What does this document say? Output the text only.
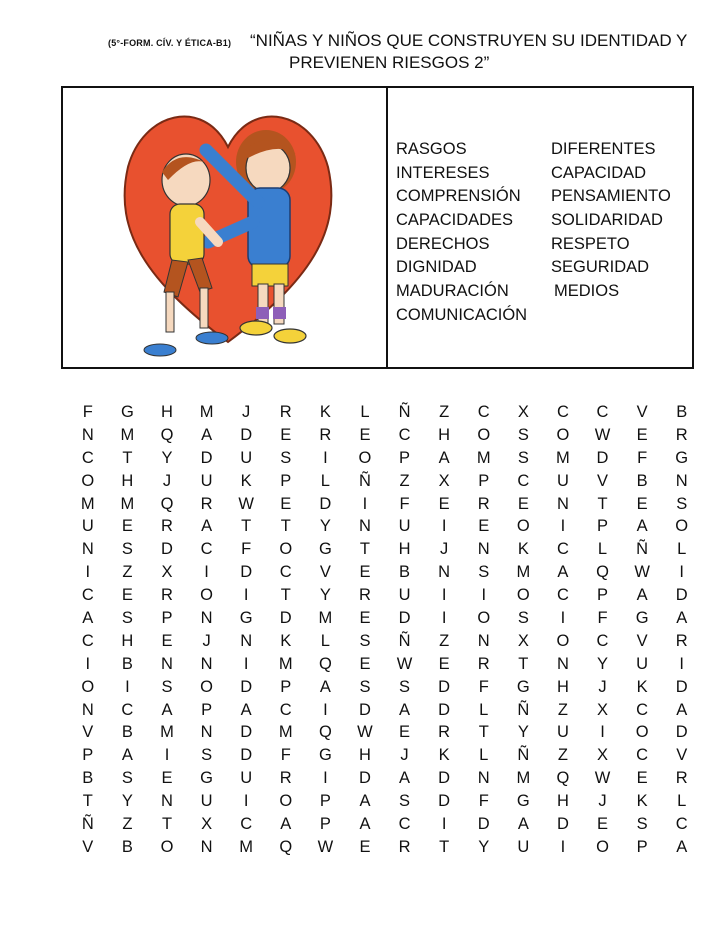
(5°-FORM. CÍV. Y ÉTICA-B1) “NIÑAS Y NIÑOS QUE CONSTRUYEN SU IDENTIDAD Y
PREVIENEN RIESGOS 2”
RASGOS	DIFERENTES
INTERESES	CAPACIDAD
COMPRENSIÓN PENSAMIENTO
CAPACIDADES SOLIDARIDAD
DERECHOS	RESPETO
DIGNIDAD	SEGURIDAD
MADURACIÓN	MEDIOS
COMUNICACIÓN
F	G	H	M	J	R	K	L	Ñ	Z	C	X	C	C	V	B
N	M	Q	A	D	E	R	E	C	H	O	S	O	W	E	R
C	T	Y	D	U	S	I	O	P	A	M	S	M	D	F	G
O	H	J	U	K	P	L	Ñ	Z	X	P	C	U	V	B	N
M	M	Q	R	W	E	D	I	F	E	R	E	N	T	E	S
U	E	R	A	T	T	Y	N	U	I	E	O	I	P	A	O
N	S	D	C	F	O	G	T	H	J	N	K	C	L	Ñ	L
I	Z	X	I	D	C	V	E	B	N	S	M	A	Q	W	I
C	E	R	O	I	T	Y	R	U	I	I	O	C	P	A	D
A	S	P	N	G	D	M	E	D	I	O	S	I	F	G	A
C	H	E	J	N	K	L	S	Ñ	Z	N	X	O	C	V	R
I	B	N	N	I	M	Q	E	W	E	R	T	N	Y	U	I
O	I	S	O	D	P	A	S	S	D	F	G	H	J	K	D
N	C	A	P	A	C	I	D	A	D	L	Ñ	Z	X	C	A
V	B	M	N	D	M	Q	W	E	R	T	Y	U	I	O	D
P	A	I	S	D	F	G	H	J	K	L	Ñ	Z	X	C	V
B	S	E	G	U	R	I	D	A	D	N	M	Q	W	E	R
T	Y	N	U	I	O	P	A	S	D	F	G	H	J	K	L
Ñ	Z	T	X	C	A	P	A	C	I	D	A	D	E	S	C
V	B	O	N	M	Q	W	E	R	T	Y	U	I	O	P	A
